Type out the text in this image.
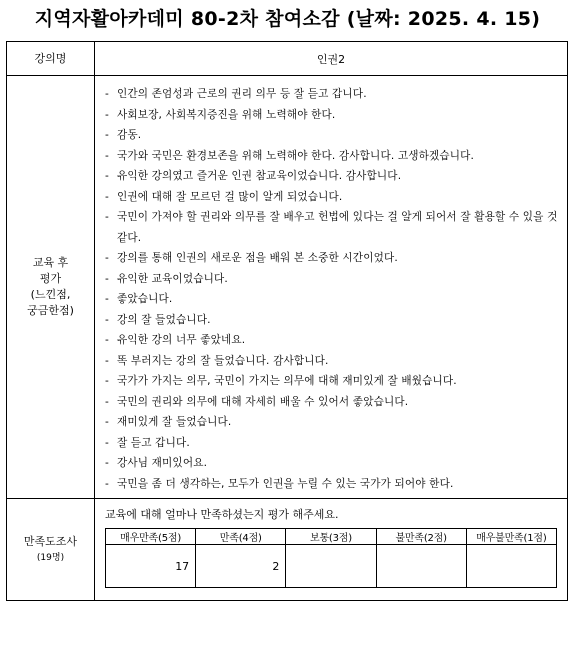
지역자활아카데미 80-2차 참여소감 (날짜: 2025. 4. 15)
강의명	인권2

교육 후
평가
(느낀점,
궁금한점)

- 인간의 존엄성과 근로의 권리 의무 등 잘 듣고 갑니다.
- 사회보장, 사회복지증진을 위해 노력해야 한다.
- 감동.
- 국가와 국민은 환경보존을 위해 노력해야 한다. 감사합니다. 고생하겠습니다.
- 유익한 강의였고 즐거운 인권 참교육이었습니다. 감사합니다.
- 인권에 대해 잘 모르던 걸 많이 알게 되었습니다.
- 국민이 가져야 할 권리와 의무를 잘 배우고 헌법에 있다는 걸 알게 되어서 잘 활용할 수 있을 것 같다.
- 강의를 통해 인권의 새로운 점을 배워 본 소중한 시간이었다.
- 유익한 교육이었습니다.
- 좋았습니다.
- 강의 잘 들었습니다.
- 유익한 강의 너무 좋았네요.
- 똑 부러지는 강의 잘 들었습니다. 감사합니다.
- 국가가 가지는 의무, 국민이 가지는 의무에 대해 재미있게 잘 배웠습니다.
- 국민의 권리와 의무에 대해 자세히 배울 수 있어서 좋았습니다.
- 재미있게 잘 들었습니다.
- 잘 듣고 갑니다.
- 강사님 재미있어요.
- 국민을 좀 더 생각하는, 모두가 인권을 누릴 수 있는 국가가 되어야 한다.

만족도조사
(19명)

교육에 대해 얼마나 만족하셨는지 평가 해주세요.
매우만족(5점)	만족(4점)	보통(3점)	불만족(2점)	매우불만족(1점)
17	2			
